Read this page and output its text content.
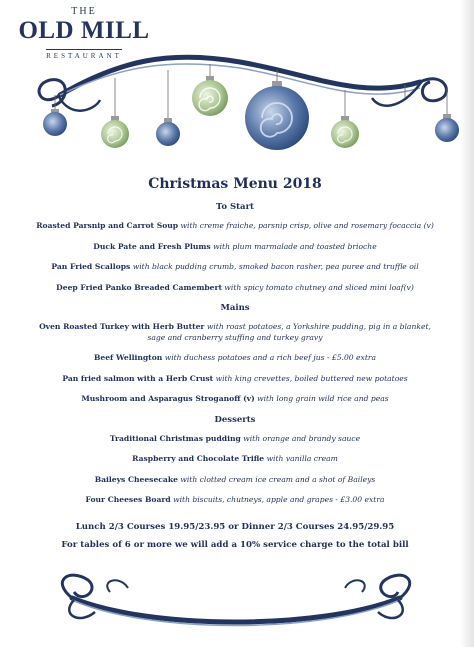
THE
OLD MILL
RESTAURANT
Christmas Menu 2018
To Start
Roasted Parsnip and Carrot Soup with creme fraiche, parsnip crisp, olive and rosemary focaccia (v)
Duck Pate and Fresh Plums with plum marmalade and toasted brioche
Pan Fried Scallops with black pudding crumb, smoked bacon rasher, pea puree and truffle oil
Deep Fried Panko Breaded Camembert with spicy tomato chutney and sliced mini loaf(v)
Mains
Oven Roasted Turkey with Herb Butter with roast potatoes, a Yorkshire pudding, pig in a blanket, sage and cranberry stuffing and turkey gravy
Beef Wellington with duchess potatoes and a rich beef jus - £5.00 extra
Pan fried salmon with a Herb Crust with king crevettes, boiled buttered new potatoes
Mushroom and Asparagus Stroganoff (v) with long grain wild rice and peas
Desserts
Traditional Christmas pudding with orange and brandy sauce
Raspberry and Chocolate Trifle with vanilla cream
Baileys Cheesecake with clotted cream ice cream and a shot of Baileys
Four Cheeses Board with biscuits, chutneys, apple and grapes - £3.00 extra
Lunch 2/3 Courses 19.95/23.95 or Dinner 2/3 Courses 24.95/29.95
For tables of 6 or more we will add a 10% service charge to the total bill
